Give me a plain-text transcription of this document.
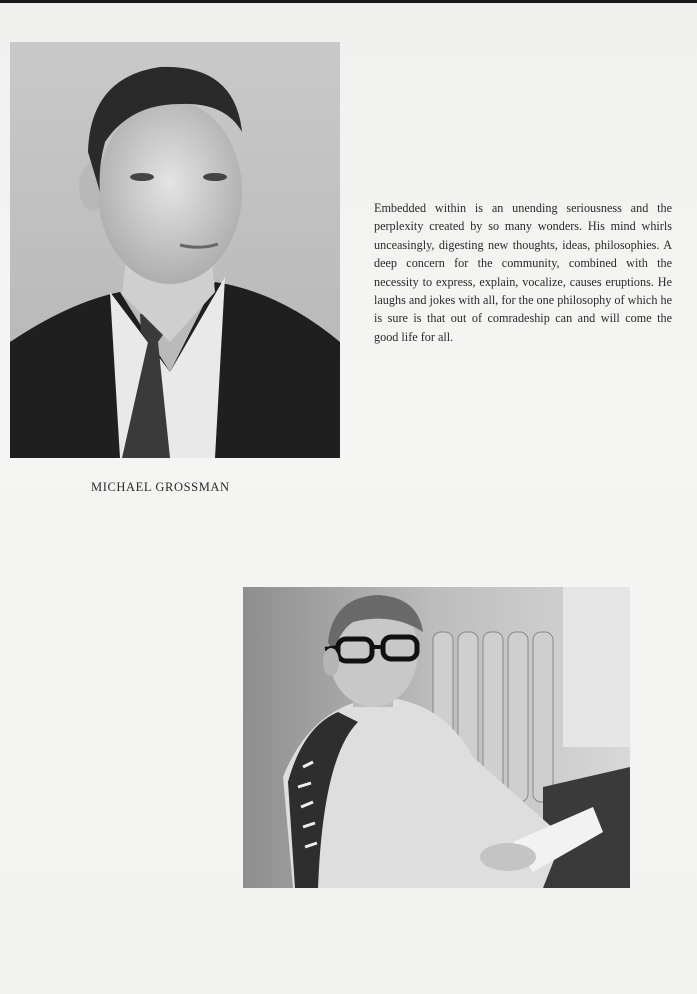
Embedded within is an unending seriousness and the perplexity created by so many wonders. His mind whirls unceasingly, digesting new thoughts, ideas, philosophies. A deep concern for the community, combined with the necessity to express, explain, vocalize, causes eruptions. He laughs and jokes with all, for the one philosophy of which he is sure is that out of comradeship can and will come the good life for all.

MICHAEL GROSSMAN
